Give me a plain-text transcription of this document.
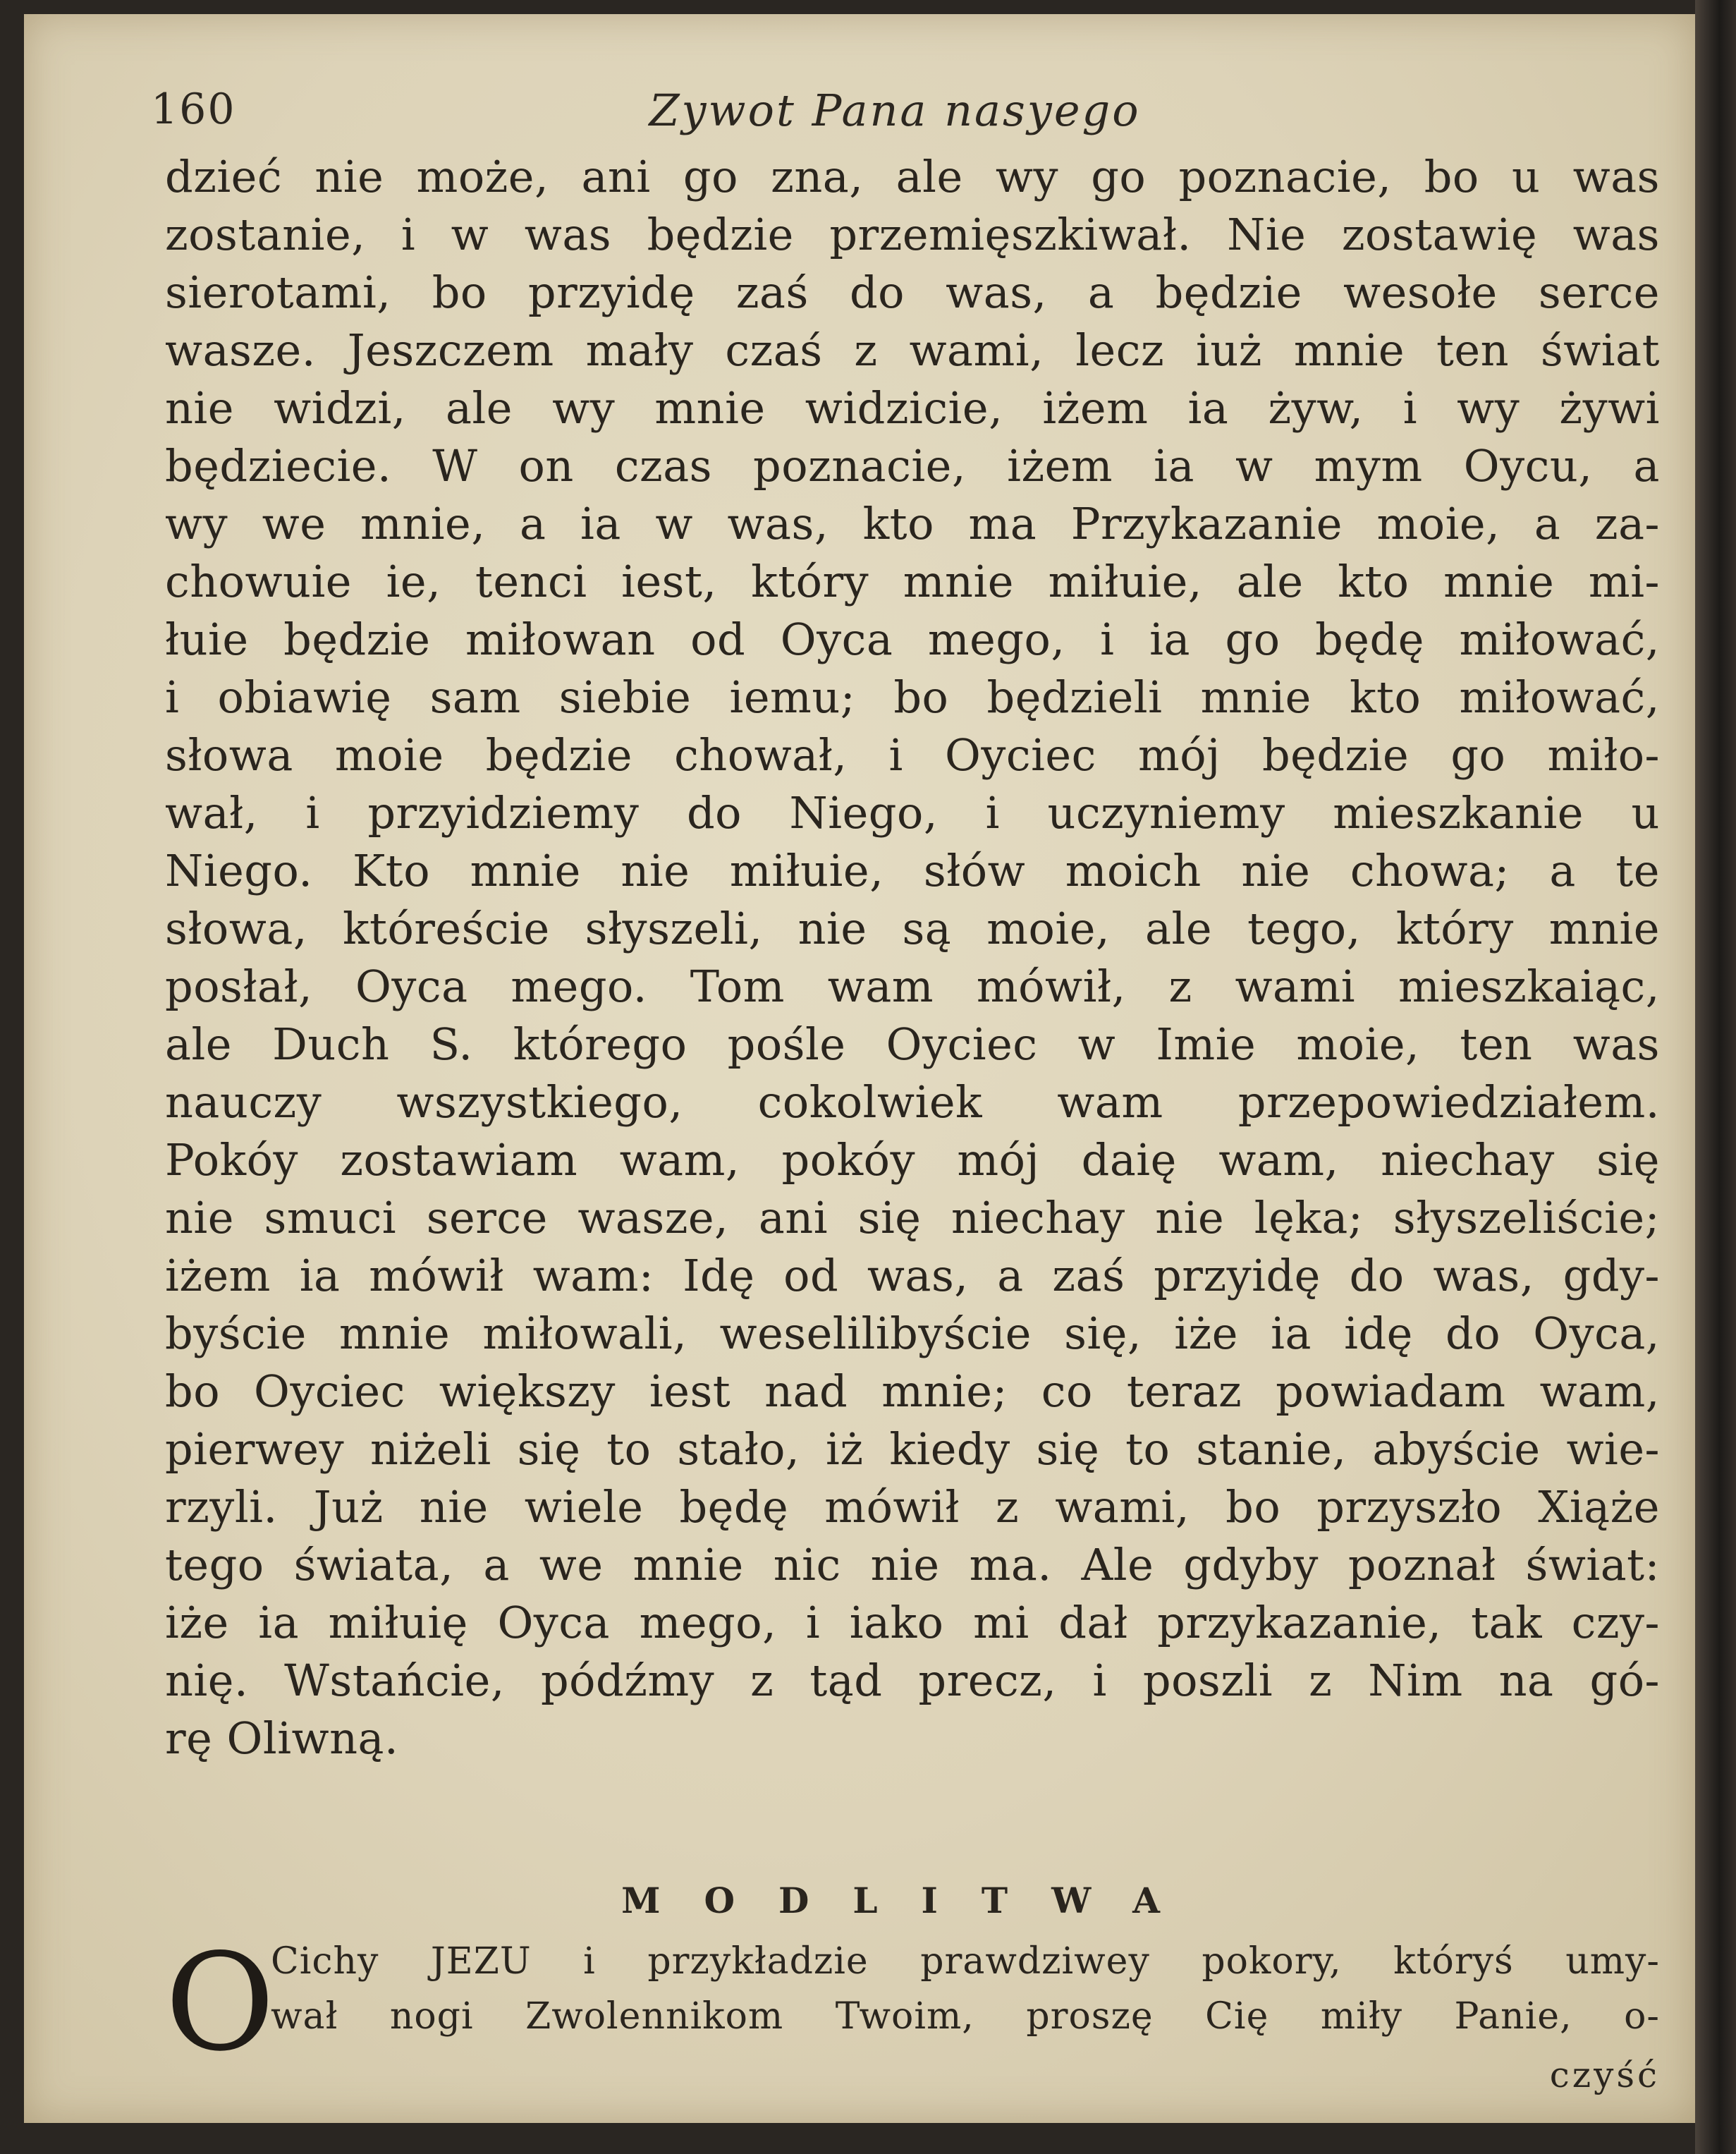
160	Zywot Pana nasyego
dzieć nie może, ani go zna, ale wy go poznacie, bo u was
zostanie, i w was będzie przemięszkiwał. Nie zostawię was
sierotami, bo przyidę zaś do was, a będzie wesołe serce
wasze. Jeszczem mały czaś z wami, lecz iuż mnie ten świat
nie widzi, ale wy mnie widzicie, iżem ia żyw, i wy żywi
będziecie. W on czas poznacie, iżem ia w mym Oycu, a
wy we mnie, a ia w was, kto ma Przykazanie moie, a za-
chowuie ie, tenci iest, który mnie miłuie, ale kto mnie mi-
łuie będzie miłowan od Oyca mego, i ia go będę miłować,
i obiawię sam siebie iemu; bo będzieli mnie kto miłować,
słowa moie będzie chował, i Oyciec mój będzie go miło-
wał, i przyidziemy do Niego, i uczyniemy mieszkanie u
Niego. Kto mnie nie miłuie, słów moich nie chowa; a te
słowa, któreście słyszeli, nie są moie, ale tego, który mnie
posłał, Oyca mego. Tom wam mówił, z wami mieszkaiąc,
ale Duch S. którego pośle Oyciec w Imie moie, ten was
nauczy wszystkiego, cokolwiek wam przepowiedziałem.
Pokóy zostawiam wam, pokóy mój daię wam, niechay się
nie smuci serce wasze, ani się niechay nie lęka; słyszeliście;
iżem ia mówił wam: Idę od was, a zaś przyidę do was, gdy-
byście mnie miłowali, weselilibyście się, iże ia idę do Oyca,
bo Oyciec większy iest nad mnie; co teraz powiadam wam,
pierwey niżeli się to stało, iż kiedy się to stanie, abyście wie-
rzyli. Już nie wiele będę mówił z wami, bo przyszło Xiąże
tego świata, a we mnie nic nie ma. Ale gdyby poznał świat:
iże ia miłuię Oyca mego, i iako mi dał przykazanie, tak czy-
nię. Wstańcie, pódźmy z tąd precz, i poszli z Nim na gó-
rę Oliwną.
MODLITWA
O
Cichy JEZU i przykładzie prawdziwey pokory, któryś umy-
wał nogi Zwolennikom Twoim, proszę Cię miły Panie, o-
czyść
